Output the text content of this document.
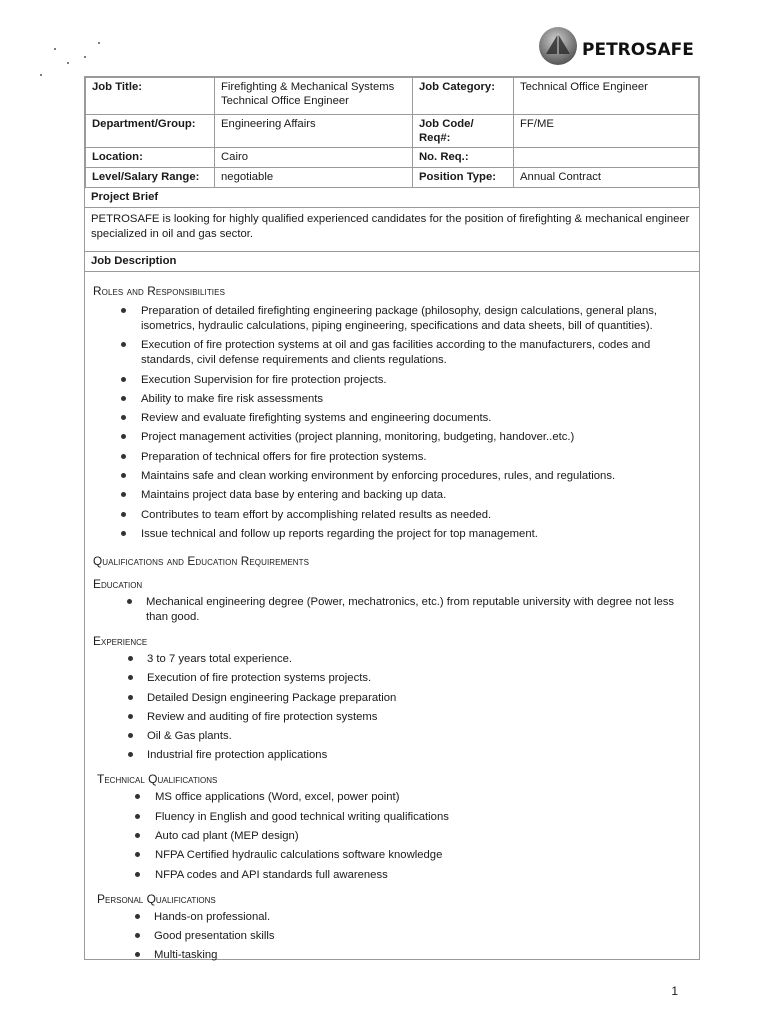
PETROSAFE
Job Title:	Firefighting & Mechanical Systems Technical Office Engineer	Job Category:	Technical Office Engineer
Department/Group:	Engineering Affairs	Job Code/ Req#:	FF/ME
Location:	Cairo	No. Req.:	
Level/Salary Range:	negotiable	Position Type:	Annual Contract
Project Brief
PETROSAFE is looking for highly qualified experienced candidates for the position of firefighting & mechanical engineer specialized in oil and gas sector.
Job Description
Roles and Responsibilities
Preparation of detailed firefighting engineering package (philosophy, design calculations, general plans, isometrics, hydraulic calculations, piping engineering, specifications and data sheets, bill of quantities).
Execution of fire protection systems at oil and gas facilities according to the manufacturers, codes and standards, civil defense requirements and clients regulations.
Execution Supervision for fire protection projects.
Ability to make fire risk assessments
Review and evaluate firefighting systems and engineering documents.
Project management activities (project planning, monitoring, budgeting, handover..etc.)
Preparation of technical offers for fire protection systems.
Maintains safe and clean working environment by enforcing procedures, rules, and regulations.
Maintains project data base by entering and backing up data.
Contributes to team effort by accomplishing related results as needed.
Issue technical and follow up reports regarding the project for top management.
Qualifications and Education Requirements
Education
Mechanical engineering degree (Power, mechatronics, etc.) from reputable university with degree not less than good.
Experience
3 to 7 years total experience.
Execution of fire protection systems projects.
Detailed Design engineering Package preparation
Review and auditing of fire protection systems
Oil & Gas plants.
Industrial fire protection applications
Technical Qualifications
MS office applications (Word, excel, power point)
Fluency in English and good technical writing qualifications
Auto cad plant (MEP design)
NFPA Certified hydraulic calculations software knowledge
NFPA codes and API standards full awareness
Personal Qualifications
Hands-on professional.
Good presentation skills
Multi-tasking
1
